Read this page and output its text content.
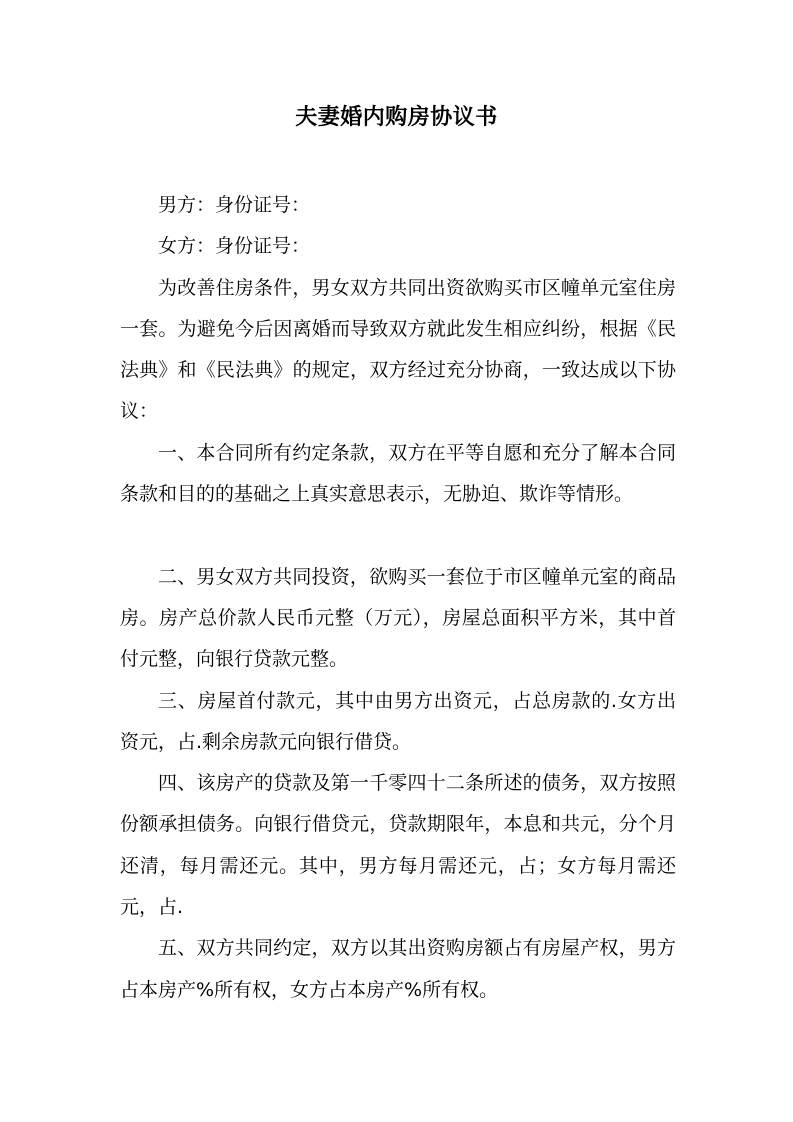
夫妻婚内购房协议书

男方：身份证号：

女方：身份证号：

为改善住房条件，男女双方共同出资欲购买市区幢单元室住房一套。为避免今后因离婚而导致双方就此发生相应纠纷，根据《民法典》和《民法典》的规定，双方经过充分协商，一致达成以下协议：

一、本合同所有约定条款，双方在平等自愿和充分了解本合同条款和目的的基础之上真实意思表示，无胁迫、欺诈等情形。

二、男女双方共同投资，欲购买一套位于市区幢单元室的商品房。房产总价款人民币元整（万元），房屋总面积平方米，其中首付元整，向银行贷款元整。

三、房屋首付款元，其中由男方出资元，占总房款的.女方出资元，占.剩余房款元向银行借贷。

四、该房产的贷款及第一千零四十二条所述的债务，双方按照份额承担债务。向银行借贷元，贷款期限年，本息和共元，分个月还清，每月需还元。其中，男方每月需还元，占；女方每月需还元，占.

五、双方共同约定，双方以其出资购房额占有房屋产权，男方占本房产%所有权，女方占本房产%所有权。
